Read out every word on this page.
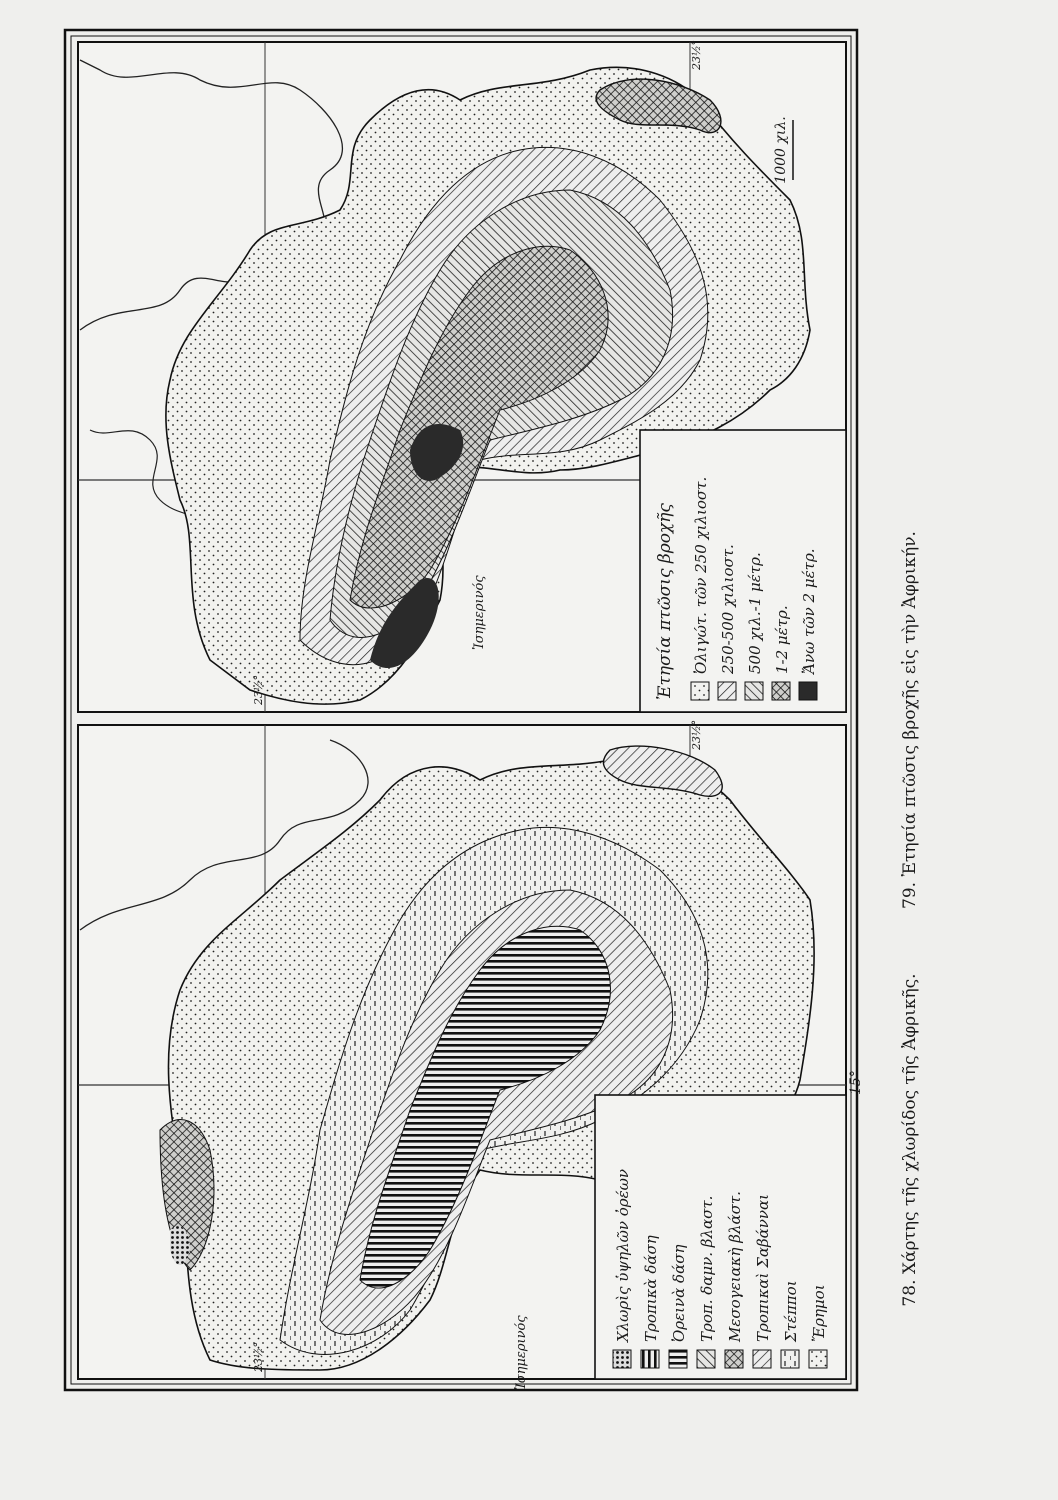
1000 χιλ.
Ἰσημερινός
23½°
23½°
Ἐτησία πτῶσις βροχῆς Ὀλιγώτ. τῶν 250 χιλιοστ. 250-500 χιλιοστ. 500 χιλ.-1 μέτρ. 1-2 μέτρ. Ἄνω τῶν 2 μέτρ.
Ἰσημερινός
15°
23½°
23½°
Χλωρὶς ὑψηλῶν ὀρέων Τροπικὰ δάση Ὀρεινὰ δάση Τροπ. δαμν. βλαστ. Μεσογειακὴ βλάστ. Τροπικαὶ Σαβάνναι Στέπποι Ἔρημοι
79. Ἐτησία πτῶσις βροχῆς εἰς τὴν Ἀφρικήν.
78. Χάρτης τῆς χλωρίδος τῆς Ἀφρικῆς.
